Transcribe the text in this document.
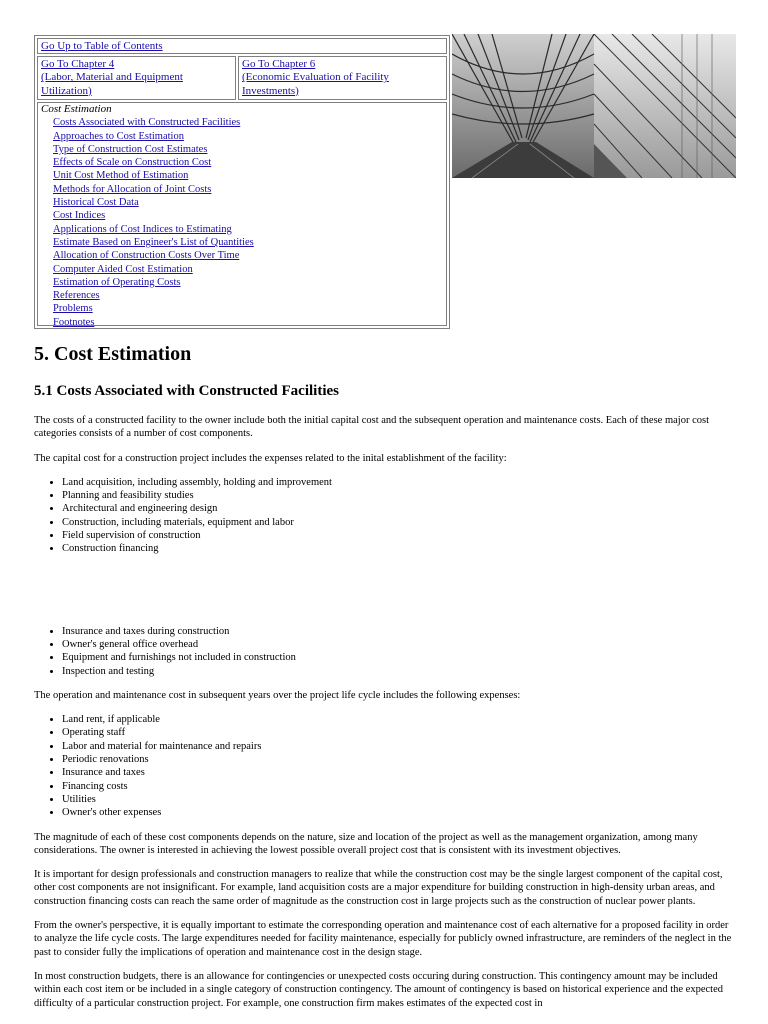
Go Up to Table of Contents
Go To Chapter 4
(Labor, Material and Equipment Utilization)
Go To Chapter 6
(Economic Evaluation of Facility Investments)
Cost Estimation
Costs Associated with Constructed Facilities
Approaches to Cost Estimation
Type of Construction Cost Estimates
Effects of Scale on Construction Cost
Unit Cost Method of Estimation
Methods for Allocation of Joint Costs
Historical Cost Data
Cost Indices
Applications of Cost Indices to Estimating
Estimate Based on Engineer's List of Quantities
Allocation of Construction Costs Over Time
Computer Aided Cost Estimation
Estimation of Operating Costs
References
Problems
Footnotes
5. Cost Estimation
5.1 Costs Associated with Constructed Facilities

The costs of a constructed facility to the owner include both the initial capital cost and the subsequent operation and maintenance costs. Each of these major cost categories consists of a number of cost components.

The capital cost for a construction project includes the expenses related to the inital establishment of the facility:

• Land acquisition, including assembly, holding and improvement
• Planning and feasibility studies
• Architectural and engineering design
• Construction, including materials, equipment and labor
• Field supervision of construction
• Construction financing
• Insurance and taxes during construction
• Owner's general office overhead
• Equipment and furnishings not included in construction
• Inspection and testing

The operation and maintenance cost in subsequent years over the project life cycle includes the following expenses:

• Land rent, if applicable
• Operating staff
• Labor and material for maintenance and repairs
• Periodic renovations
• Insurance and taxes
• Financing costs
• Utilities
• Owner's other expenses

The magnitude of each of these cost components depends on the nature, size and location of the project as well as the management organization, among many considerations. The owner is interested in achieving the lowest possible overall project cost that is consistent with its investment objectives.

It is important for design professionals and construction managers to realize that while the construction cost may be the single largest component of the capital cost, other cost components are not insignificant. For example, land acquisition costs are a major expenditure for building construction in high-density urban areas, and construction financing costs can reach the same order of magnitude as the construction cost in large projects such as the construction of nuclear power plants.

From the owner's perspective, it is equally important to estimate the corresponding operation and maintenance cost of each alternative for a proposed facility in order to analyze the life cycle costs. The large expenditures needed for facility maintenance, especially for publicly owned infrastructure, are reminders of the neglect in the past to consider fully the implications of operation and maintenance cost in the design stage.

In most construction budgets, there is an allowance for contingencies or unexpected costs occuring during construction. This contingency amount may be included within each cost item or be included in a single category of construction contingency. The amount of contingency is based on historical experience and the expected difficulty of a particular construction project. For example, one construction firm makes estimates of the expected cost in
